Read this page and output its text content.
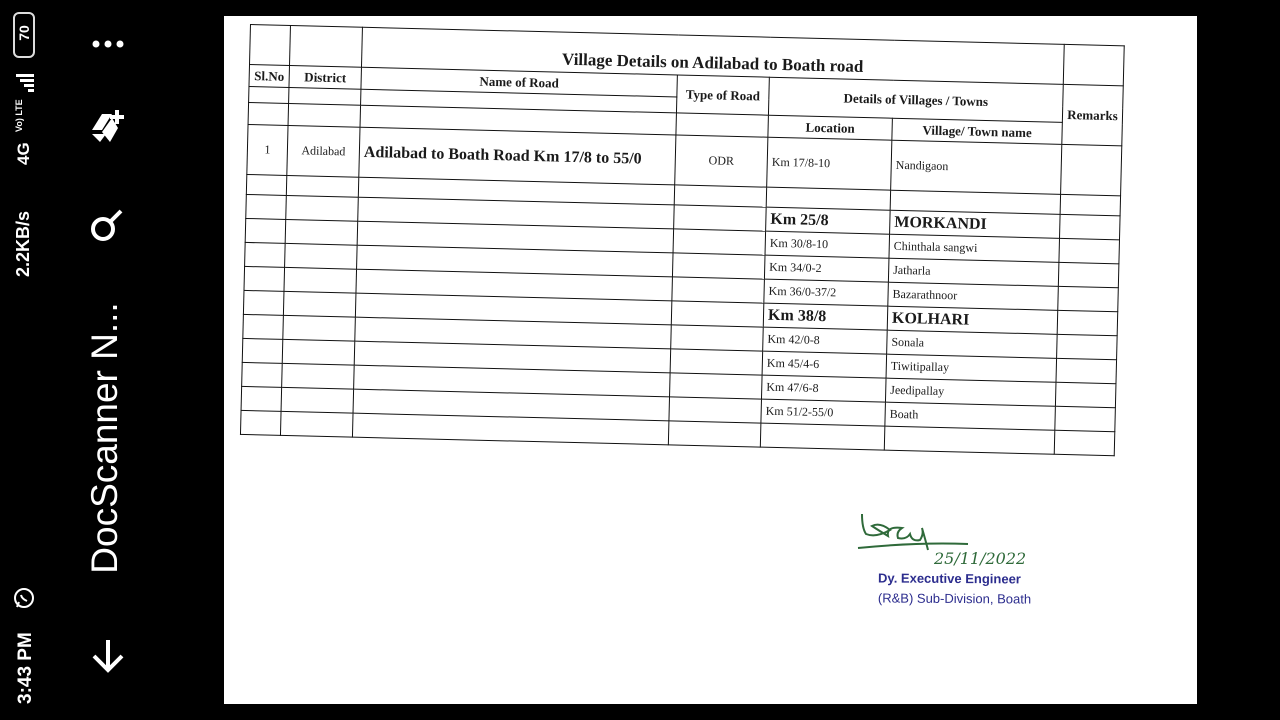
3:43 PM
2.2KB/s
4G
Vo) LTE
70
DocScanner N...
		Village Details on Adilabad to Boath road				
Sl.No	District	Name of Road	Type of Road	Details of Villages / Towns		Remarks

				Location	Village/ Town name	
1	Adilabad	Adilabad to Boath Road Km 17/8 to 55/0	ODR	Km 17/8-10	Nandigaon	

				Km 25/8	MORKANDI	
				Km 30/8-10	Chinthala sangwi	
				Km 34/0-2	Jatharla	
				Km 36/0-37/2	Bazarathnoor	
				Km 38/8	KOLHARI	
				Km 42/0-8	Sonala	
				Km 45/4-6	Tiwitipallay	
				Km 47/6-8	Jeedipallay	
				Km 51/2-55/0	Boath	

25/11/2022
Dy. Executive Engineer
(R&B) Sub-Division, Boath
